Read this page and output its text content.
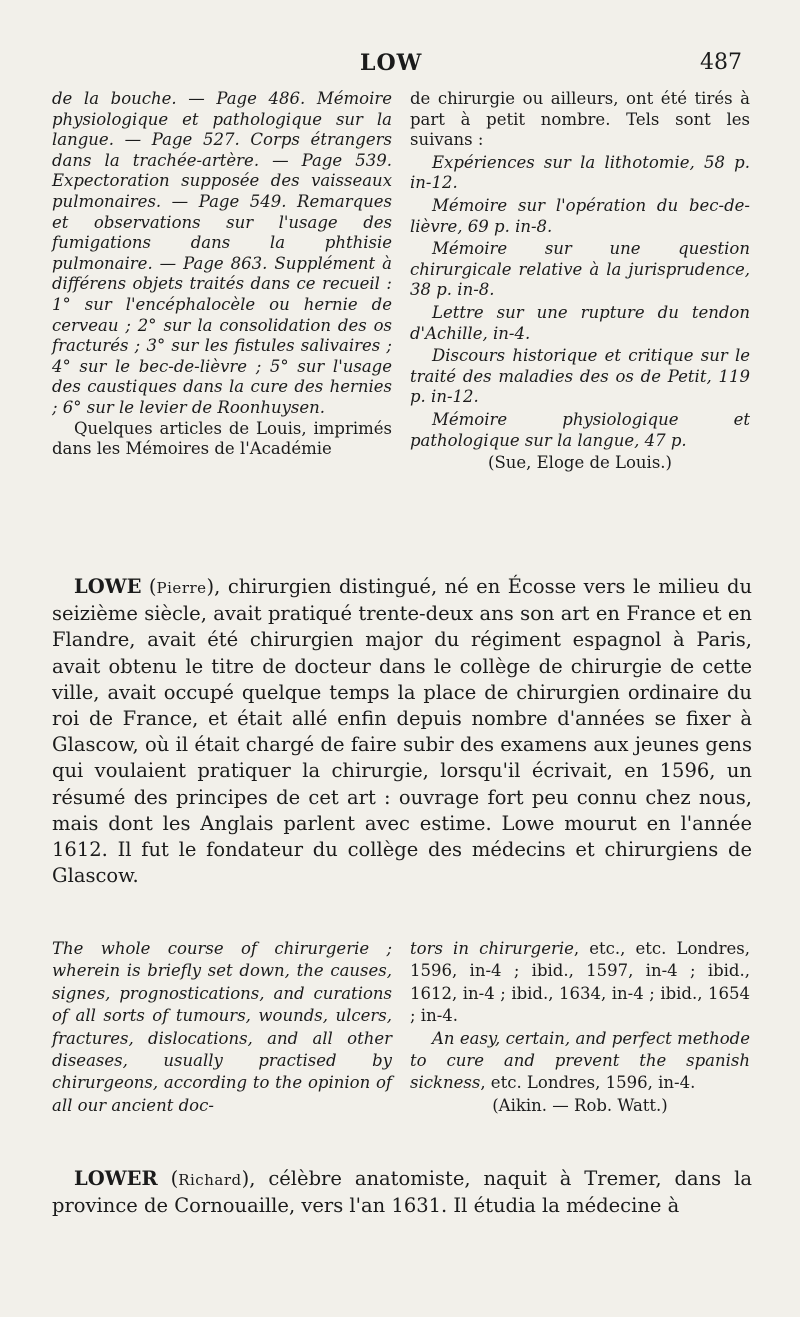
LOW	487

de la bouche. — Page 486. Mémoire physiologique et pathologique sur la langue. — Page 527. Corps étrangers dans la trachée-artère. — Page 539. Expectoration supposée des vaisseaux pulmonaires. — Page 549. Remarques et observations sur l'usage des fumigations dans la phthisie pulmonaire. — Page 863. Supplément à différens objets traités dans ce recueil : 1° sur l'encéphalocèle ou hernie de cerveau ; 2° sur la consolidation des os fracturés ; 3° sur les fistules salivaires ; 4° sur le bec-de-lièvre ; 5° sur l'usage des caustiques dans la cure des hernies ; 6° sur le levier de Roonhuysen.

Quelques articles de Louis, imprimés dans les Mémoires de l'Académie

de chirurgie ou ailleurs, ont été tirés à part à petit nombre. Tels sont les suivans :

Expériences sur la lithotomie, 58 p. in-12.

Mémoire sur l'opération du bec-de-lièvre, 69 p. in-8.

Mémoire sur une question chirurgicale relative à la jurisprudence, 38 p. in-8.

Lettre sur une rupture du tendon d'Achille, in-4.

Discours historique et critique sur le traité des maladies des os de Petit, 119 p. in-12.

Mémoire physiologique et pathologique sur la langue, 47 p.

(Sue, Eloge de Louis.)

LOWE (Pierre), chirurgien distingué, né en Écosse vers le milieu du seizième siècle, avait pratiqué trente-deux ans son art en France et en Flandre, avait été chirurgien major du régiment espagnol à Paris, avait obtenu le titre de docteur dans le collège de chirurgie de cette ville, avait occupé quelque temps la place de chirurgien ordinaire du roi de France, et était allé enfin depuis nombre d'années se fixer à Glascow, où il était chargé de faire subir des examens aux jeunes gens qui voulaient pratiquer la chirurgie, lorsqu'il écrivait, en 1596, un résumé des principes de cet art : ouvrage fort peu connu chez nous, mais dont les Anglais parlent avec estime. Lowe mourut en l'année 1612. Il fut le fondateur du collège des médecins et chirurgiens de Glascow.
The whole course of chirurgerie ; wherein is briefly set down, the causes, signes, prognostications, and curations of all sorts of tumours, wounds, ulcers, fractures, dislocations, and all other diseases, usually practised by chirurgeons, according to the opinion of all our ancient doc-

tors in chirurgerie, etc., etc. Londres, 1596, in-4 ; ibid., 1597, in-4 ; ibid., 1612, in-4 ; ibid., 1634, in-4 ; ibid., 1654 ; in-4.

An easy, certain, and perfect methode to cure and prevent the spanish sickness, etc. Londres, 1596, in-4.

(Aikin. — Rob. Watt.)

LOWER (Richard), célèbre anatomiste, naquit à Tremer, dans la province de Cornouaille, vers l'an 1631. Il étudia la médecine à
